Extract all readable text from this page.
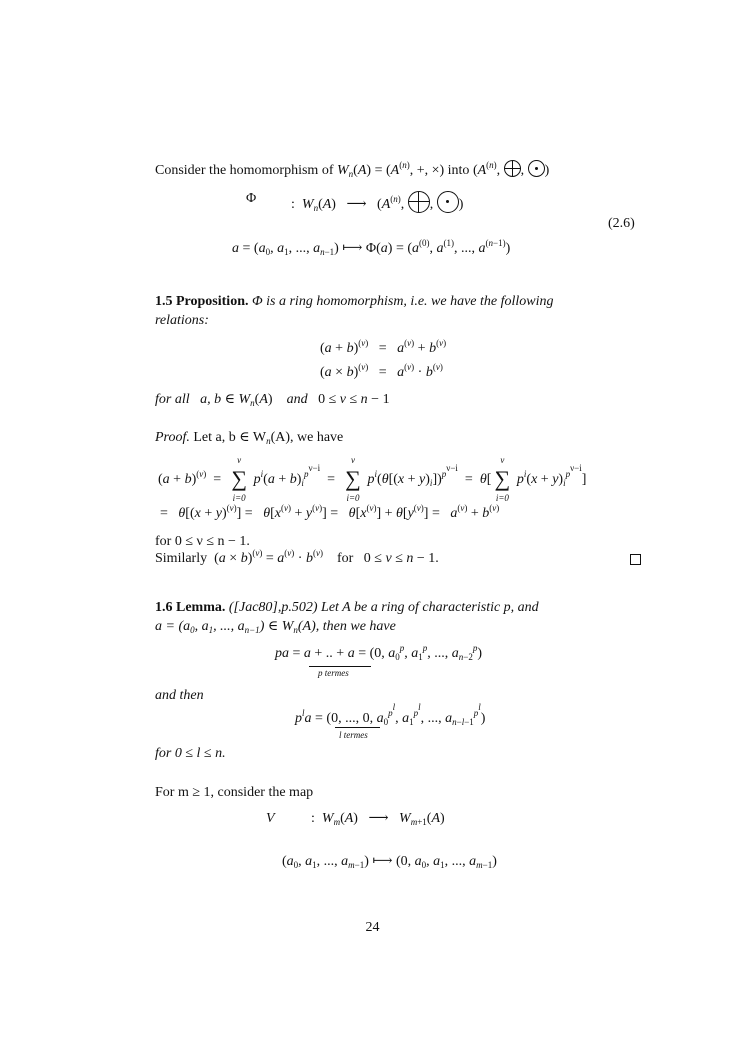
Consider the homomorphism of $W_n(A) = (A^{(n)}$, +, ×) into ($A^{(n)}$, , )
Φ :  $W_n(A)$   ⟶   ($A^{(n)}$, , )
(2.6)
$a = (a_0$, $a_1$, ..., $a_{n-1}$) ⟼ $\Phi(a) = (a^{(0)}$, $a^{(1)}$, ..., $a^{(n-1)}$)
1.5 Proposition. Φ is a ring homomorphism, i.e. we have the following
relations:
$(a + b)^{(\nu)} = a^{(\nu)} + b^{(\nu)}$
$(a \times b)^{(\nu)} = a^{(\nu)} \cdot b^{(\nu)}$
for all a, b ∈ $W_n(A)$    and   0 ≤ ν ≤ n − 1
Proof. Let a, b ∈ $W_n(A)$, we have
$(a + b)^{(\nu)}$  =
ν
∑
i=0
$p^i(a + b)_i^{p^{\nu-i}}$  =
ν
∑
i=0
$p^i(\theta[(x + y)_i])^{p^{\nu-i}} = \theta$[
ν
∑
i=0
$p^i(x + y)_i^{p^{\nu-i}}$]
=   $\theta[(x + y)^{(\nu)}] = \theta[x^{(\nu)} + y^{(\nu)}] = \theta[x^{(\nu)}] + \theta[y^{(\nu)}] = a^{(\nu)} + b^{(\nu)}$
for 0 ≤ ν ≤ n − 1.
Similarly  $(a \times b)^{(\nu)} = a^{(\nu)} \cdot b^{(\nu)}$ for   0 ≤ ν ≤ n − 1.
1.6 Lemma. ([Jac80],p.502) Let A be a ring of characteristic p, and
$a = (a_0$, $a_1$, ..., $a_{n-1}$) ∈ $W_n(A)$, then we have
pa = a + .. + a = (0, $a_0^p$, $a_1^p$, ..., $a_{n-2}^p$)
p termes
and then
$p^la = (0$, ..., 0, $a_0^{p^l}$, $a_1^{p^l}$, ..., $a_{n-l-1}^{p^l}$)
l termes
for 0 ≤ l ≤ n.
For m ≥ 1, consider the map
V	:  $W_m(A)$   ⟶   $W_{m+1}(A)$
($a_0$, $a_1$, ..., $a_{m-1}$) ⟼ (0, $a_0$, $a_1$, ..., $a_{m-1}$)
24
